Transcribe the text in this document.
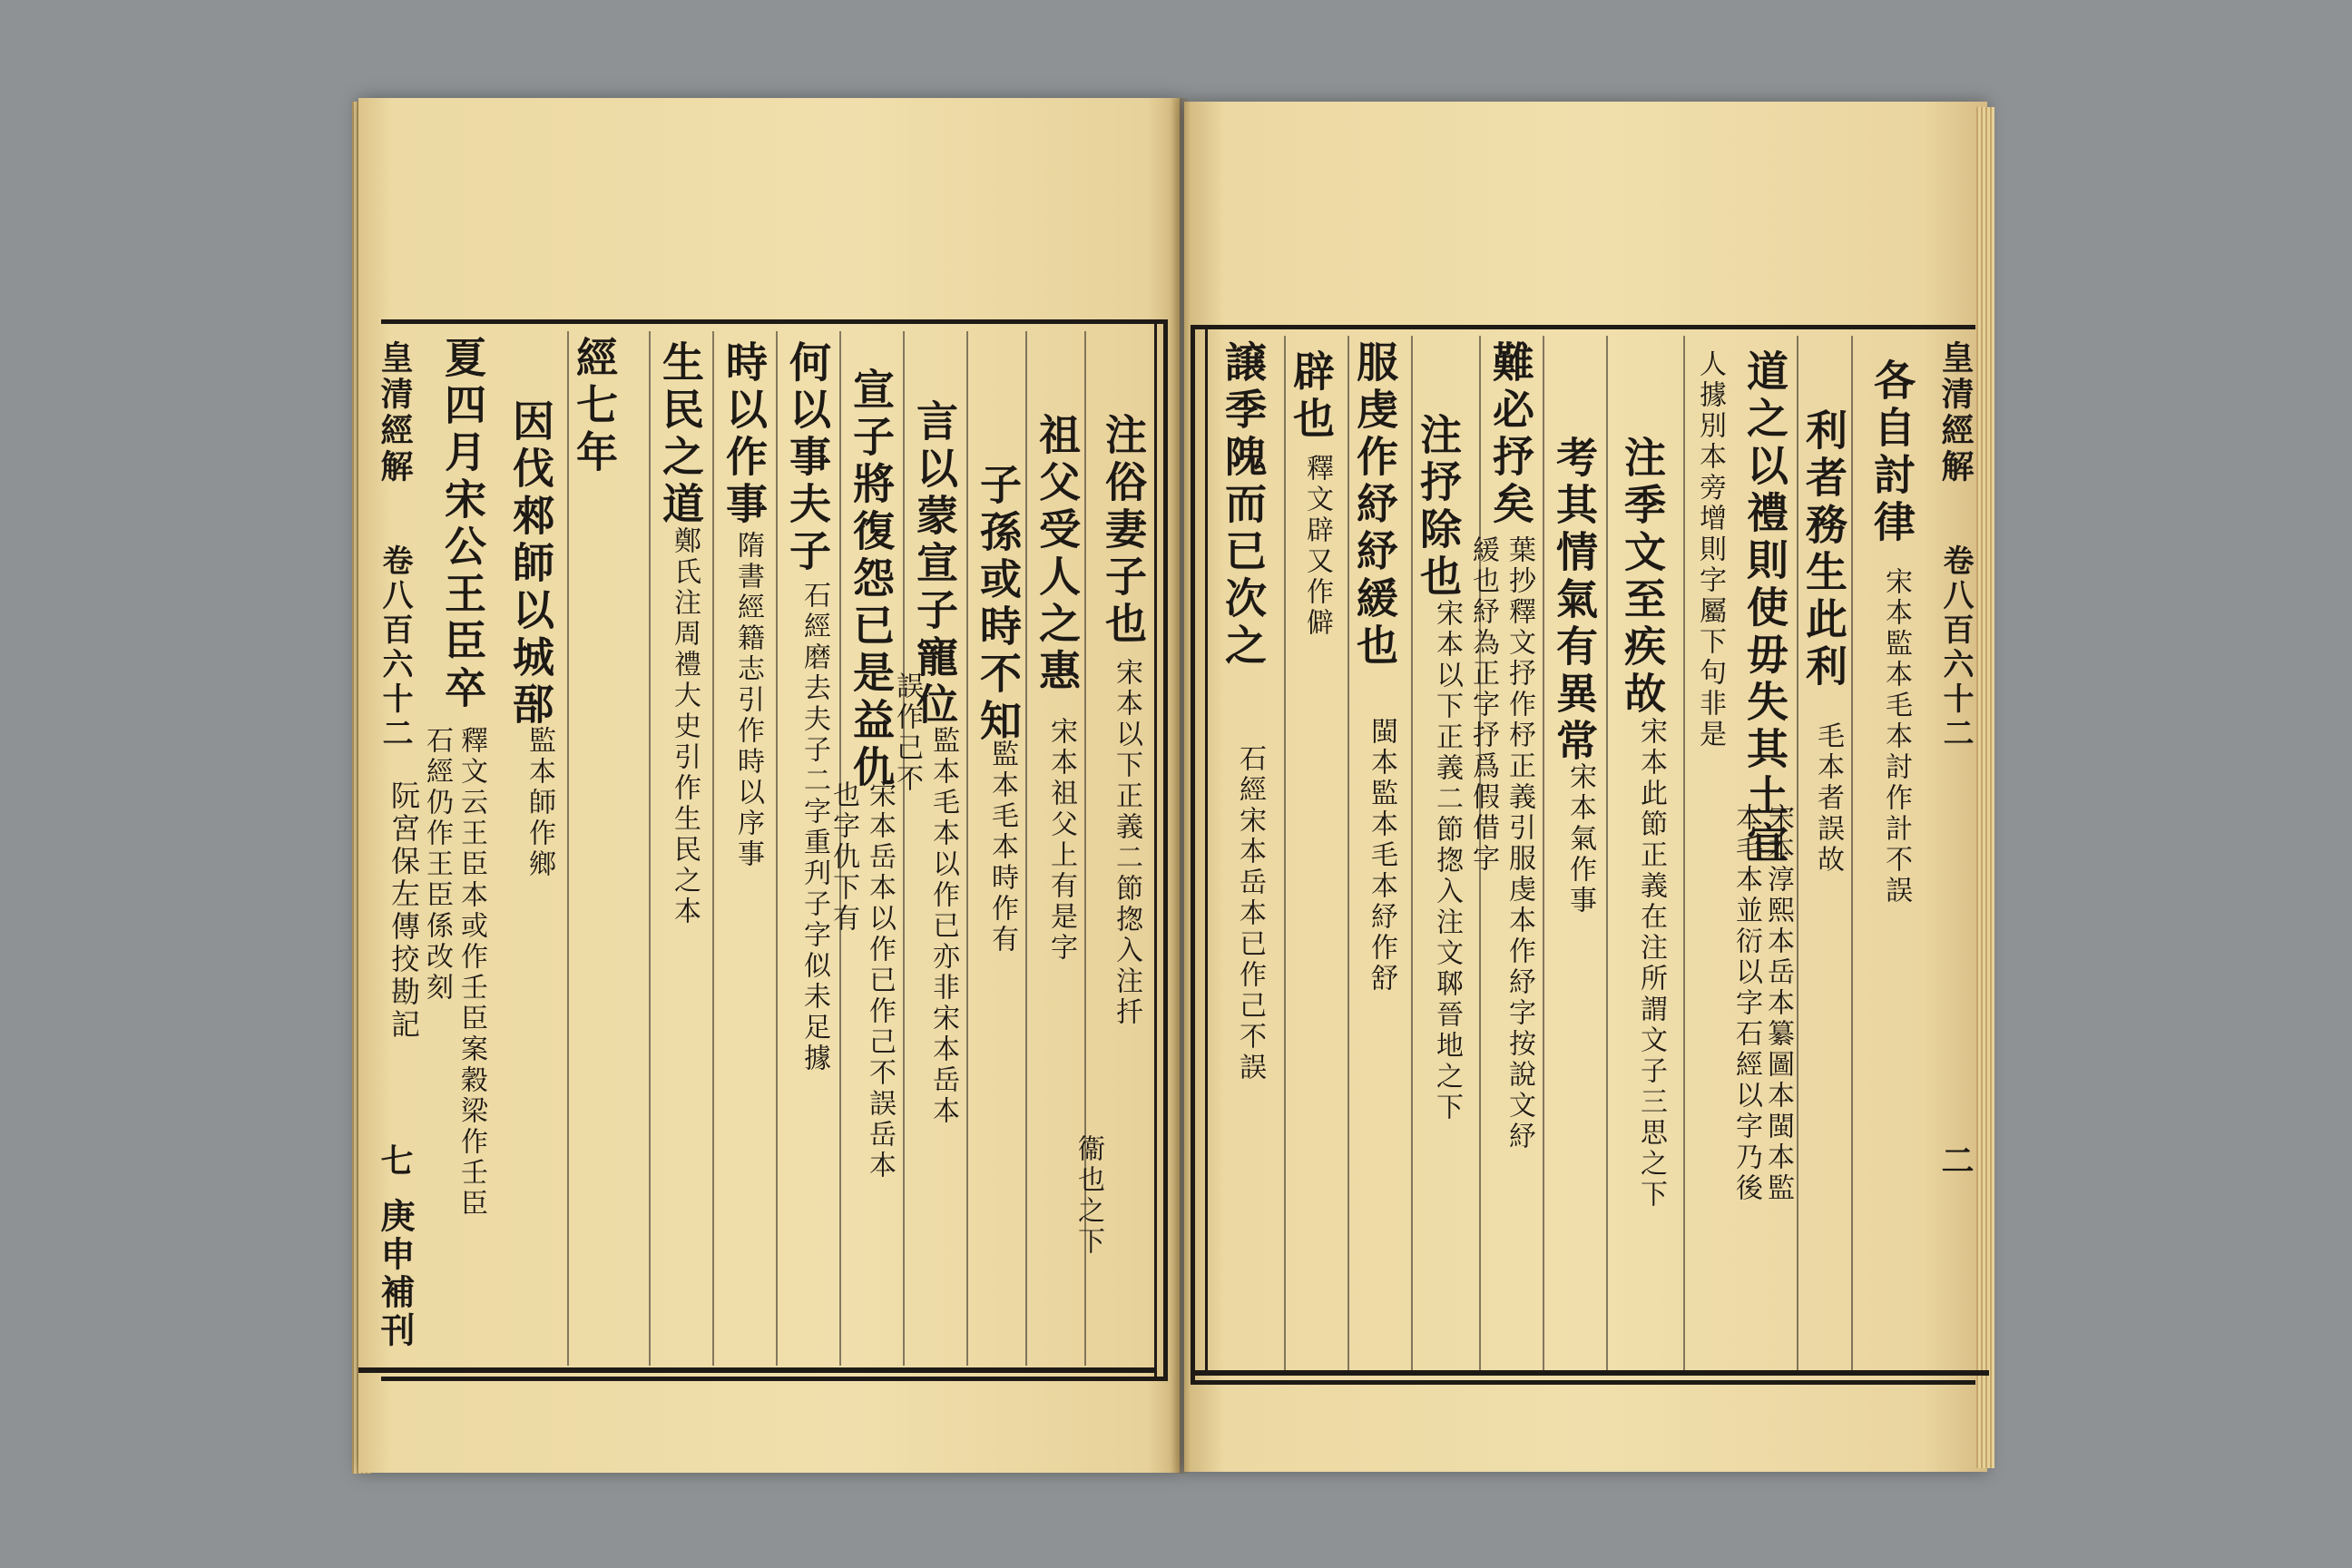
皇清經解
卷八百六十二
阮宮保左傳挍勘記
七
庚申補刊
注俗妻子也
宋本以下正義二節揔入注扦
衞也之下
祖父受人之惠
宋本祖父上有是字
子孫或時不知
監本毛本時作有
言以蒙宣子寵位
監本毛本以作已亦非宋本岳本
誤作己不
宣子將復怨已是益仇
宋本岳本以作已作己不誤岳本
也字仇下有
何以事夫子
石經磨去夫子二字重刋子字似未足據
時以作事
隋書經籍志引作時以序事
生民之道
鄭氏注周禮大史引作生民之本
經七年
因伐郲師以城郚
監本師作鄉
夏四月宋公王臣卒
釋文云王臣本或作壬臣案穀梁作壬臣
石經仍作王臣係改刻
皇清經解
卷八百六十二
二
各自討律
宋本監本毛本討作計不誤
利者務生此利
毛本者誤故
道之以禮則使毋失其土宜
宋本淳熙本岳本纂圖本閩本監
本毛本並衍以字石經以字乃後
人據別本旁增則字屬下句非是
注季文至疾故
宋本此節正義在注所謂文子三思之下
考其情氣有異常
宋本氣作事
難必抒矣
葉抄釋文抒作杼正義引服虔本作紓字按說文紓
緩也紓為正字抒爲假借字
注抒除也
宋本以下正義二節揔入注文郰晉地之下
服虔作紓紓緩也
閩本監本毛本紓作舒
辟也
釋文辟又作僻
譲季隗而已次之
石經宋本岳本已作己不誤
